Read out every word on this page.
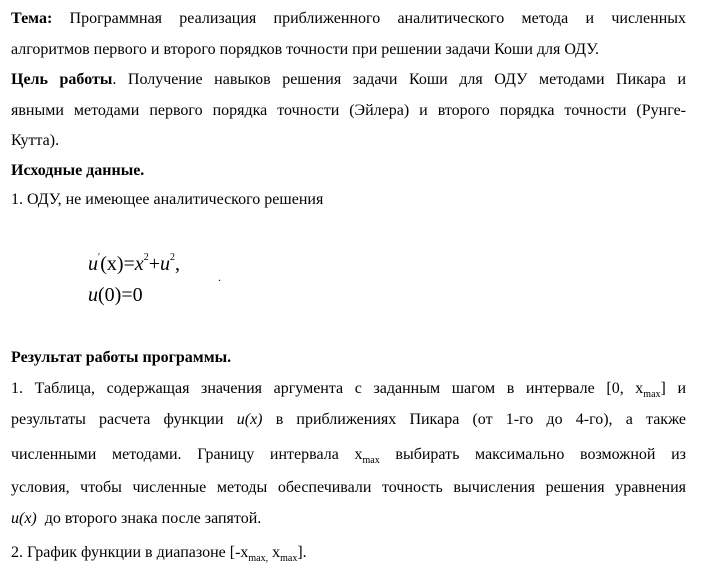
Тема: Программная реализация приближенного аналитического метода и численных
алгоритмов первого и второго порядков точности при решении задачи Коши для ОДУ.
Цель работы. Получение навыков решения задачи Коши для ОДУ методами Пикара и
явными методами первого порядка точности (Эйлера) и второго порядка точности (Рунге-
Кутта).
Исходные данные.
1. ОДУ, не имеющее аналитического решения
$u'(x)=x^2+u^2$,
.
u(0)=0
Результат работы программы.
1. Таблица, содержащая значения аргумента с заданным шагом в интервале [0, $x_{max}$] и
результаты расчета функции u(x) в приближениях Пикара (от 1-го до 4-го), а также
численными методами. Границу интервала $x_{max}$ выбирать максимально возможной из
условия, чтобы численные методы обеспечивали точность вычисления решения уравнения
u(x) до второго знака после запятой.
2. График функции в диапазоне [$-x_{max,}$ $x_{max}$].
